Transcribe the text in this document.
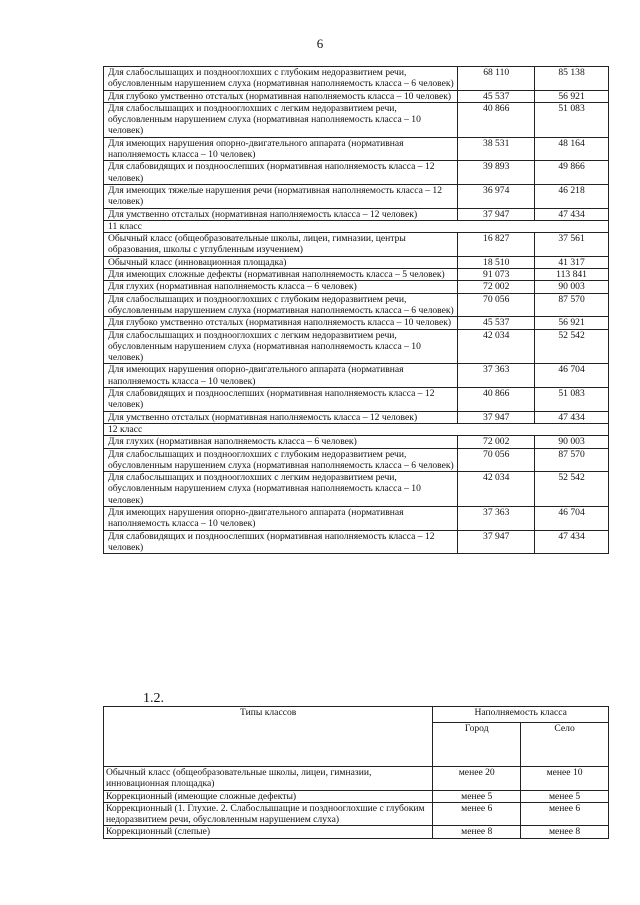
6
Для слабослышащих и позднооглохших с глубоким недоразвитием речи, обусловленным нарушением слуха (нормативная наполняемость класса – 6 человек)	68 110	85 138
Для глубоко умственно отсталых (нормативная наполняемость класса – 10 человек)	45 537	56 921
Для слабослышащих и позднооглохших с легким недоразвитием речи, обусловленным нарушением слуха (нормативная наполняемость класса – 10 человек)	40 866	51 083
Для имеющих нарушения опорно-двигательного аппарата (нормативная наполняемость класса – 10 человек)	38 531	48 164
Для слабовидящих и поздноослепших (нормативная наполняемость класса – 12 человек)	39 893	49 866
Для имеющих тяжелые нарушения речи (нормативная наполняемость класса – 12 человек)	36 974	46 218
Для умственно отсталых (нормативная наполняемость класса – 12 человек)	37 947	47 434
11 класс		
Обычный класс (общеобразовательные школы, лицеи, гимназии, центры образования, школы с углубленным изучением)	16 827	37 561
Обычный класс (инновационная площадка)	18 510	41 317
Для имеющих сложные дефекты (нормативная наполняемость класса – 5 человек)	91 073	113 841
Для глухих (нормативная наполняемость класса – 6 человек)	72 002	90 003
Для слабослышащих и позднооглохших с глубоким недоразвитием речи, обусловленным нарушением слуха (нормативная наполняемость класса – 6 человек)	70 056	87 570
Для глубоко умственно отсталых (нормативная наполняемость класса – 10 человек)	45 537	56 921
Для слабослышащих и позднооглохших с легким недоразвитием речи, обусловленным нарушением слуха (нормативная наполняемость класса – 10 человек)	42 034	52 542
Для имеющих нарушения опорно-двигательного аппарата (нормативная наполняемость класса – 10 человек)	37 363	46 704
Для слабовидящих и поздноослепших (нормативная наполняемость класса – 12 человек)	40 866	51 083
Для умственно отсталых (нормативная наполняемость класса – 12 человек)	37 947	47 434
12 класс		
Для глухих (нормативная наполняемость класса – 6 человек)	72 002	90 003
Для слабослышащих и позднооглохших с глубоким недоразвитием речи, обусловленным нарушением слуха (нормативная наполняемость класса – 6 человек)	70 056	87 570
Для слабослышащих и позднооглохших с легким недоразвитием речи, обусловленным нарушением слуха (нормативная наполняемость класса – 10 человек)	42 034	52 542
Для имеющих нарушения опорно-двигательного аппарата (нормативная наполняемость класса – 10 человек)	37 363	46 704
Для слабовидящих и поздноослепших (нормативная наполняемость класса – 12 человек)	37 947	47 434
1.2.
Типы классов	Наполняемость класса	
	Город	Село
Обычный класс (общеобразовательные школы, лицеи, гимназии, инновационная площадка)	менее 20	менее 10
Коррекционный (имеющие сложные дефекты)	менее 5	менее 5
Коррекционный (1. Глухие. 2. Слабослышащие и позднооглохшие с глубоким недоразвитием речи, обусловленным нарушением слуха)	менее 6	менее 6
Коррекционный (слепые)	менее 8	менее 8
